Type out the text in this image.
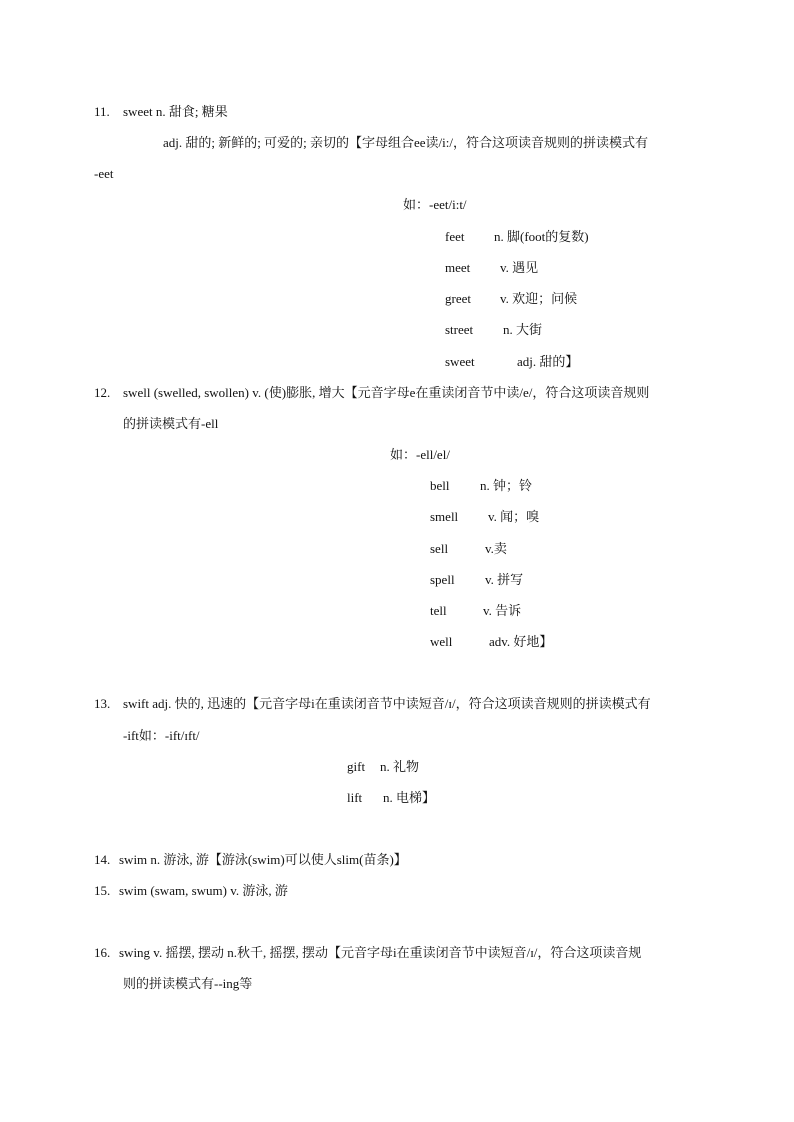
11. sweet n. 甜食; 糖果
adj. 甜的; 新鲜的; 可爱的; 亲切的【字母组合ee读/i:/，符合这项读音规则的拼读模式有
-eet
如：-eet/i:t/
feet n. 脚(foot的复数)
meet v. 遇见
greet v. 欢迎；问候
street n. 大街
sweet	adj. 甜的】
12. swell (swelled, swollen) v. (使)膨胀, 增大【元音字母e在重读闭音节中读/e/，符合这项读音规则
的拼读模式有-ell
如：-ell/el/
bell n. 钟；铃
smell v. 闻；嗅
sell	v.卖
spell v. 拼写
tell	v. 告诉
well	adv. 好地】
13. swift adj. 快的, 迅速的【元音字母i在重读闭音节中读短音/ɪ/，符合这项读音规则的拼读模式有
-ift如：-ift/ɪft/
gift n. 礼物
lift n. 电梯】
14. swim n. 游泳, 游【游泳(swim)可以使人slim(苗条)】
15. swim (swam, swum) v. 游泳, 游
16. swing v. 摇摆, 摆动 n.秋千, 摇摆, 摆动【元音字母i在重读闭音节中读短音/ɪ/，符合这项读音规
则的拼读模式有--ing等
